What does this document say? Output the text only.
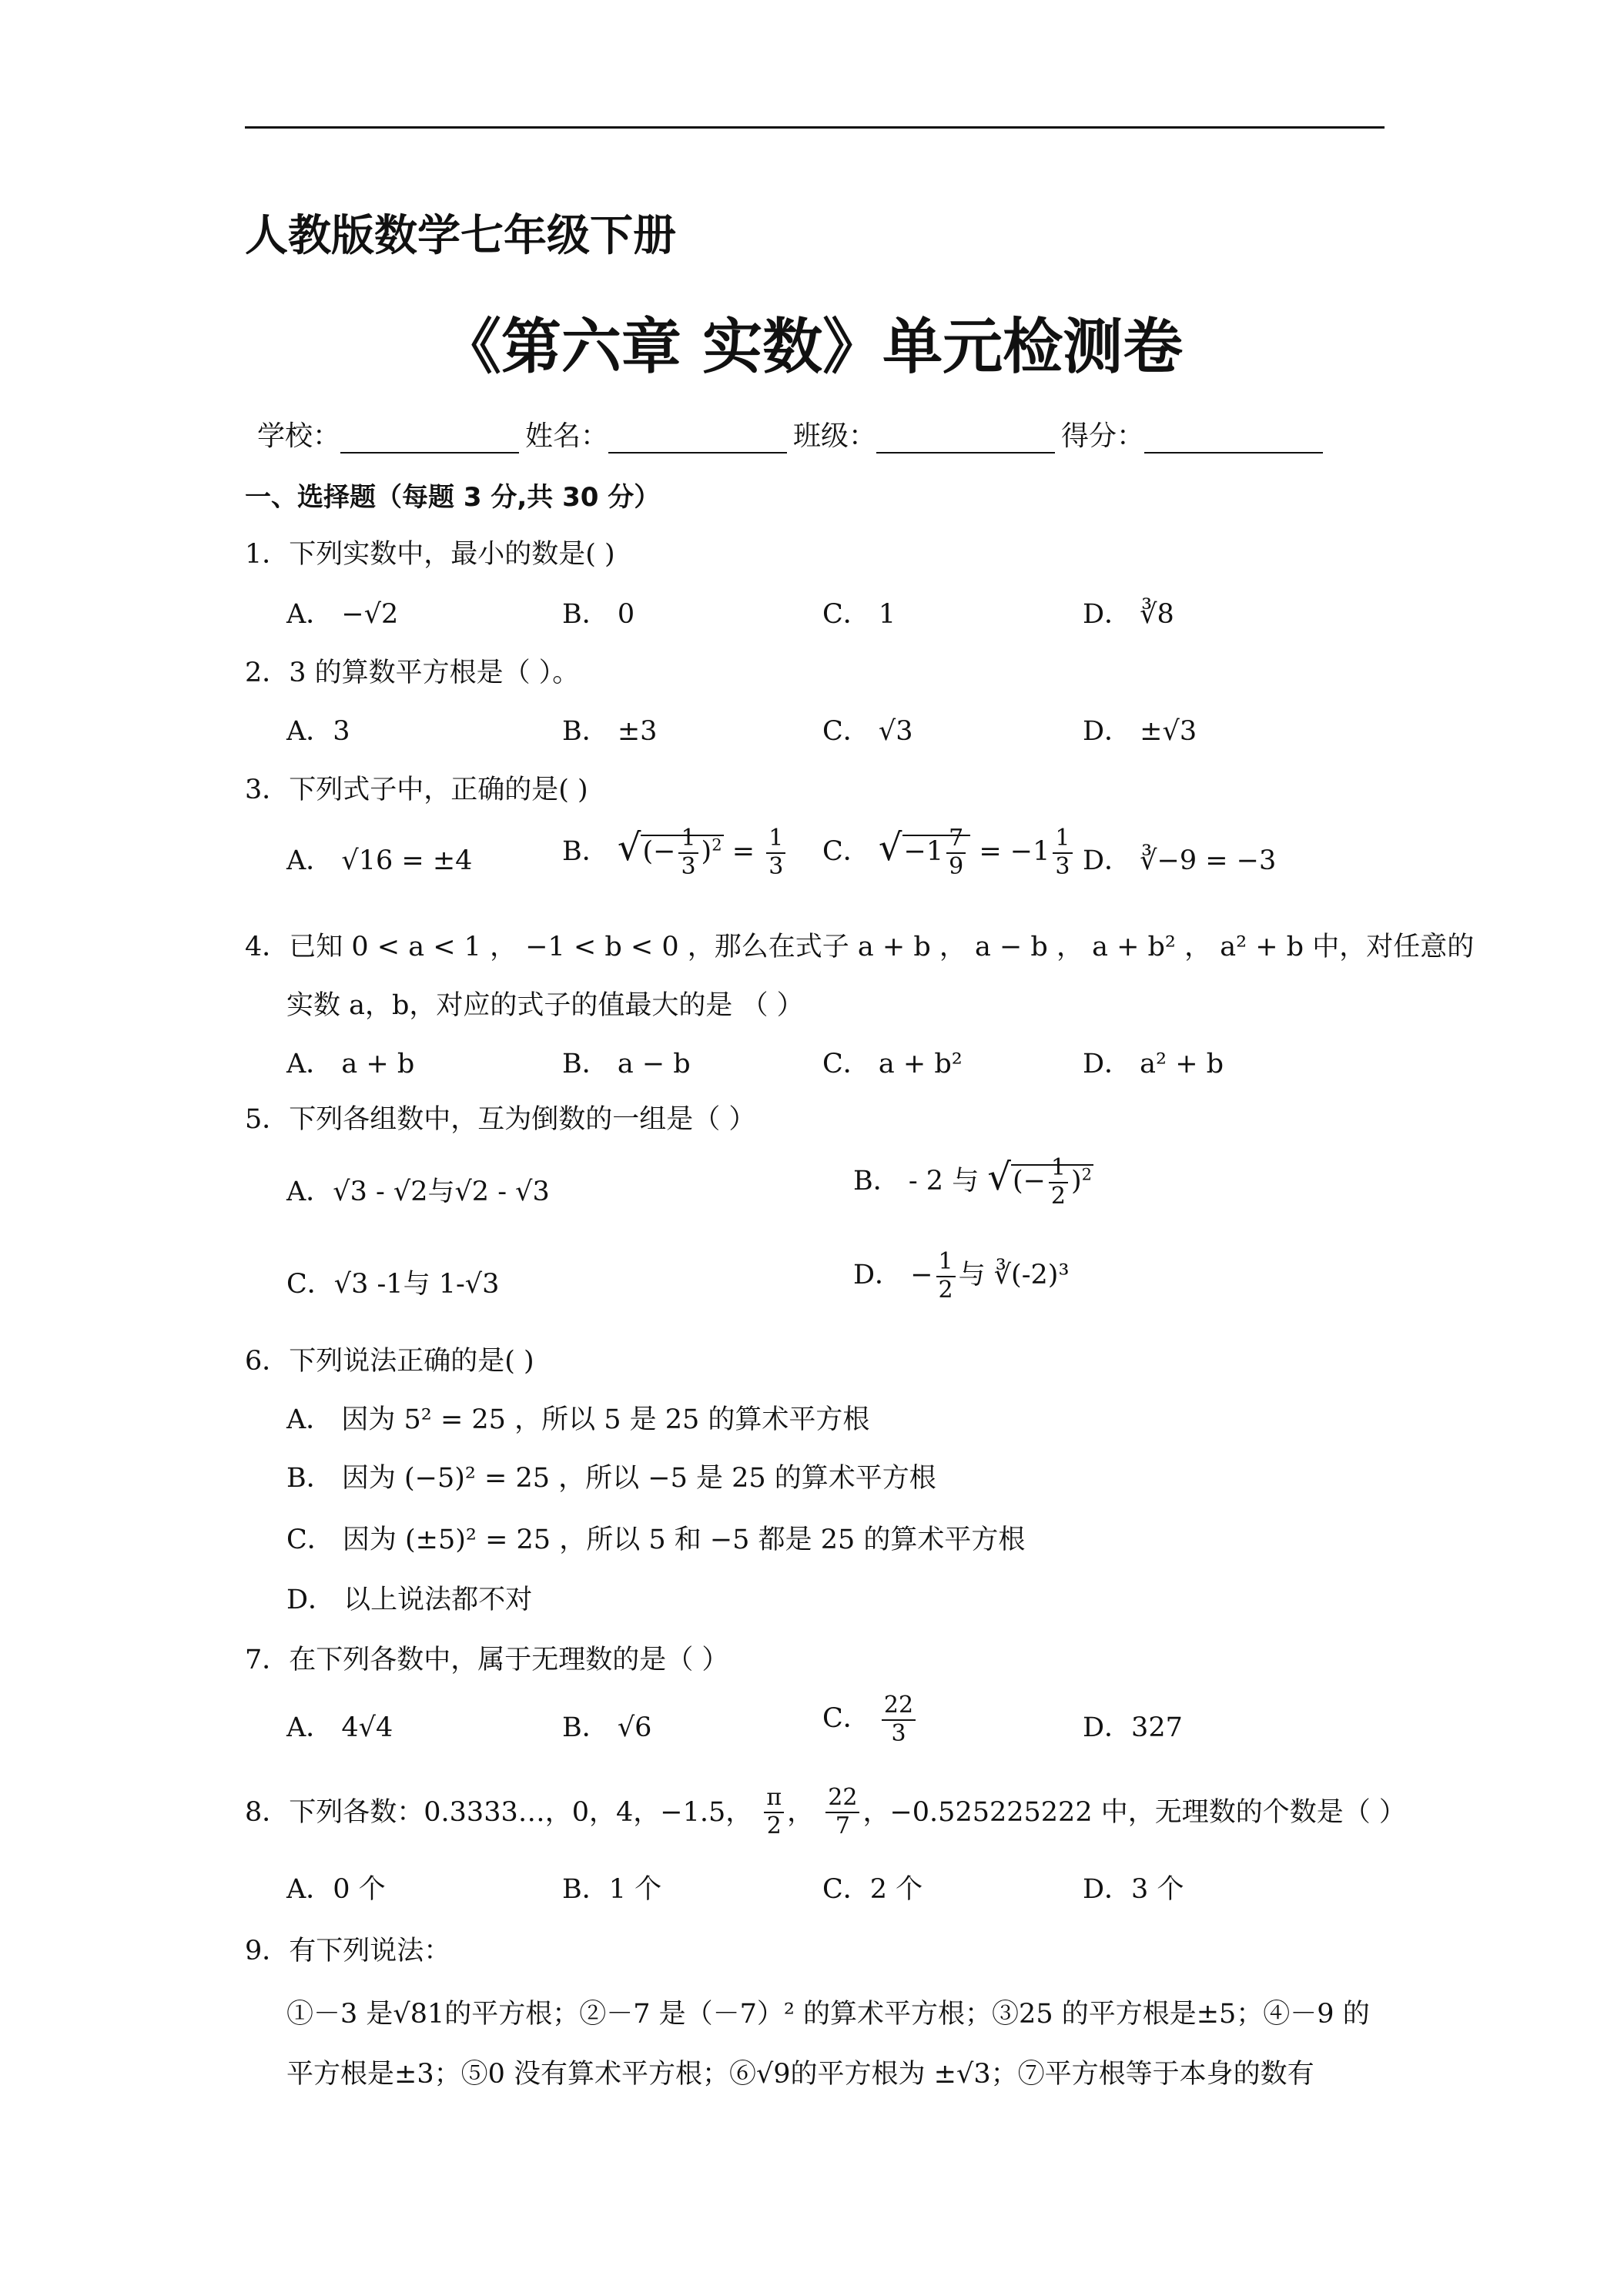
人教版数学七年级下册
《第六章 实数》单元检测卷
学校：	姓名：	班级：	得分：
一、选择题（每题 3 分,共 30 分）
1．下列实数中，最小的数是( )
A． −√2	B． 0	C． 1	D． ∛8
2．3 的算数平方根是（ ）。
A．3	B． ±3	C． √3	D． ±√3
3．下列式子中，正确的是( )
A． √16 = ±4	B． √(− $\frac{1}{3} )^2 = \frac{1}{3}$ C． $√-1 \frac{7}{9} = -1 \frac{1}{3}$ D． ∛−9 = −3
4．已知 0 < a < 1 ， −1 < b < 0 ，那么在式子 a + b ， a − b ， a + b² ， a² + b 中，对任意的
实数 a，b，对应的式子的值最大的是 （ ）
A． a + b	B． a − b	C． a + b²	D． a² + b
5．下列各组数中，互为倒数的一组是（ ）
A．√3 - √2与√2 - √3	B． - 2 与 √(− $\frac{1}{2} )^2$
C．√3 -1与 1-√3	D． − $\frac{1}{2}$ 与 ∛(-2)³
6．下列说法正确的是( )
A． 因为 5² = 25 ，所以 5 是 25 的算术平方根
B． 因为 (−5)² = 25 ，所以 −5 是 25 的算术平方根
C． 因为 (±5)² = 25 ，所以 5 和 −5 都是 25 的算术平方根
D． 以上说法都不对
7．在下列各数中，属于无理数的是（ ）
A． 4√4	B． √6	C． $\frac{22}{3}$	D．327
8．下列各数：0.3333…，0，4，−1.5， $\frac{\pi}{2}$ ， $\frac{22}{7}$ ，−0.525225222 中，无理数的个数是（ ）
A．0 个	B．1 个	C．2 个	D．3 个
9．有下列说法：
①－3 是√81的平方根；②－7 是（－7）² 的算术平方根；③25 的平方根是±5；④－9 的
平方根是±3；⑤0 没有算术平方根；⑥√9的平方根为 ±√3；⑦平方根等于本身的数有
